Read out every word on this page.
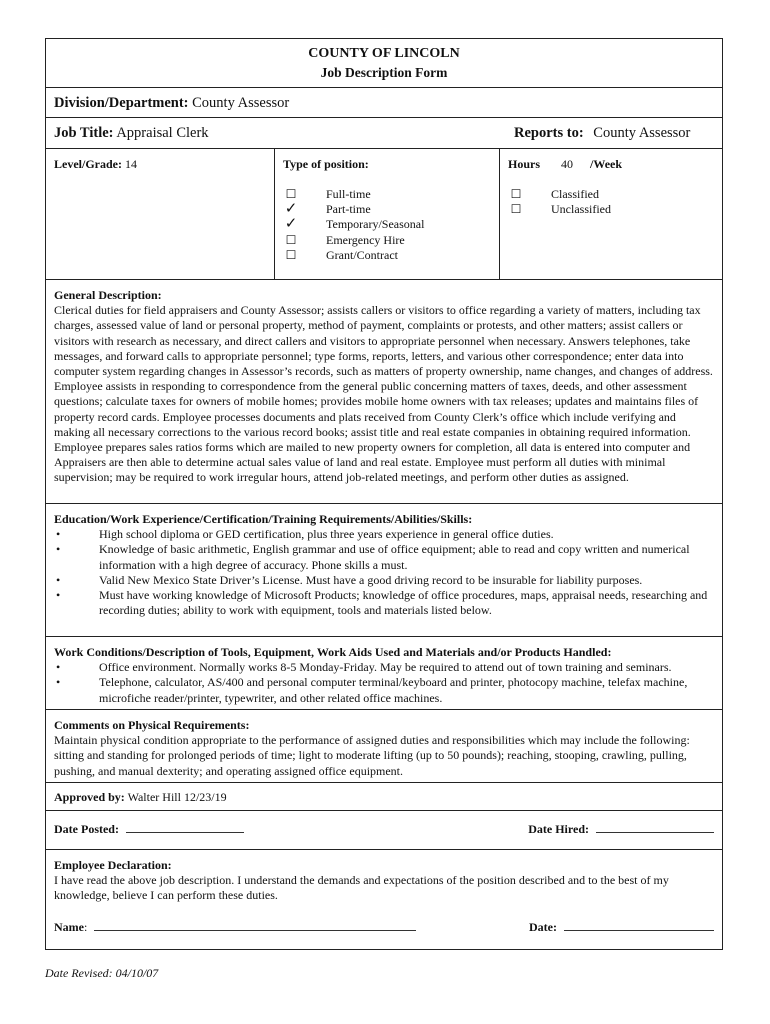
COUNTY OF LINCOLN
Job Description Form
Division/Department: County Assessor
Job Title: Appraisal Clerk	Reports to: County Assessor
Level/Grade: 14	Type of position:
☐ Full-time
✓ Part-time
✓ Temporary/Seasonal
☐ Emergency Hire
☐ Grant/Contract
Hours 40 /Week
☐ Classified
☐ Unclassified
General Description:
Clerical duties for field appraisers and County Assessor; assists callers or visitors to office regarding a variety of matters, including tax charges, assessed value of land or personal property, method of payment, complaints or protests, and other matters; assist callers or visitors with research as necessary, and direct callers and visitors to appropriate personnel when necessary. Answers telephones, take messages, and forward calls to appropriate personnel; type forms, reports, letters, and various other correspondence; enter data into computer system regarding changes in Assessor’s records, such as matters of property ownership, name changes, and changes of address. Employee assists in responding to correspondence from the general public concerning matters of taxes, deeds, and other assessment questions; calculate taxes for owners of mobile homes; provides mobile home owners with tax releases; updates and maintains files of property record cards. Employee processes documents and plats received from County Clerk’s office which include verifying and making all necessary corrections to the various record books; assist title and real estate companies in obtaining required information. Employee prepares sales ratios forms which are mailed to new property owners for completion, all data is entered into computer and Appraisers are then able to determine actual sales value of land and real estate. Employee must perform all duties with minimal supervision; may be required to work irregular hours, attend job-related meetings, and perform other duties as assigned.
Education/Work Experience/Certification/Training Requirements/Abilities/Skills:
•	High school diploma or GED certification, plus three years experience in general office duties.
•	Knowledge of basic arithmetic, English grammar and use of office equipment; able to read and copy written and numerical information with a high degree of accuracy. Phone skills a must.
•	Valid New Mexico State Driver’s License. Must have a good driving record to be insurable for liability purposes.
•	Must have working knowledge of Microsoft Products; knowledge of office procedures, maps, appraisal needs, researching and recording duties; ability to work with equipment, tools and materials listed below.
Work Conditions/Description of Tools, Equipment, Work Aids Used and Materials and/or Products Handled:
•	Office environment. Normally works 8-5 Monday-Friday. May be required to attend out of town training and seminars.
•	Telephone, calculator, AS/400 and personal computer terminal/keyboard and printer, photocopy machine, telefax machine, microfiche reader/printer, typewriter, and other related office machines.
Comments on Physical Requirements:
Maintain physical condition appropriate to the performance of assigned duties and responsibilities which may include the following: sitting and standing for prolonged periods of time; light to moderate lifting (up to 50 pounds); reaching, stooping, crawling, pulling, pushing, and manual dexterity; and operating assigned office equipment.
Approved by: Walter Hill 12/23/19
Date Posted:	Date Hired:
Employee Declaration:
I have read the above job description. I understand the demands and expectations of the position described and to the best of my knowledge, believe I can perform these duties.
Name:	Date:
Date Revised: 04/10/07
